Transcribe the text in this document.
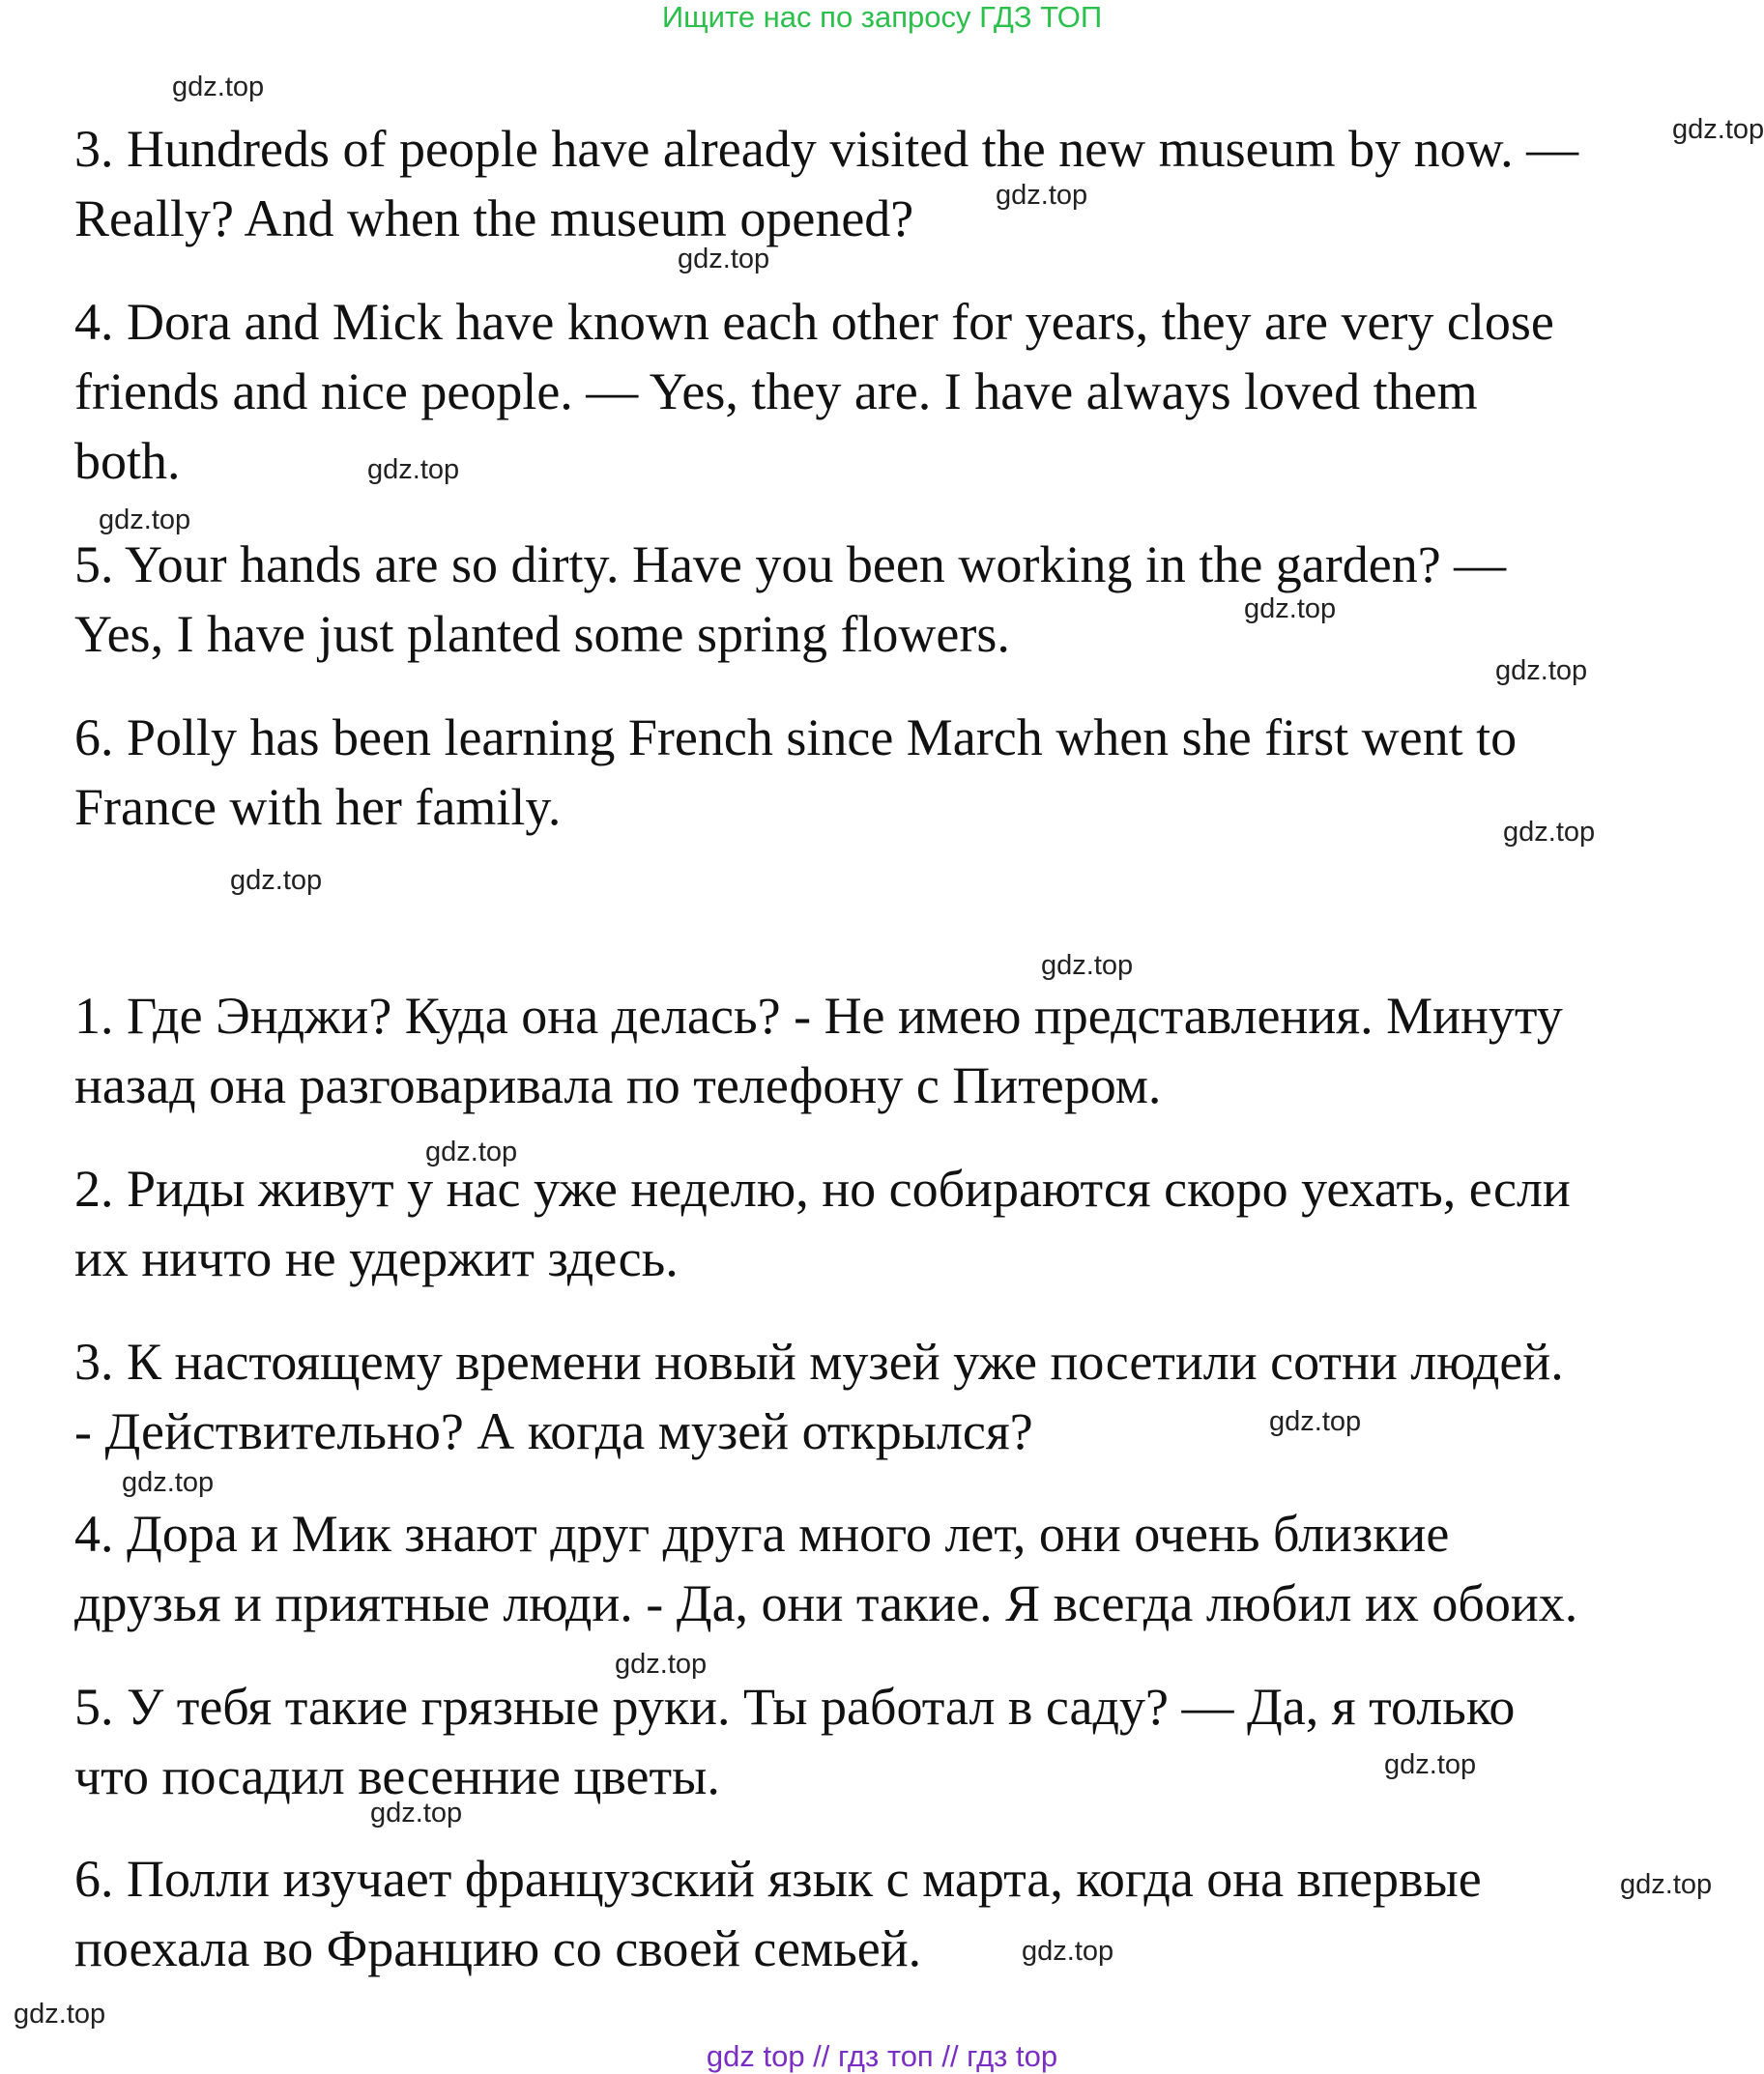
Ищите нас по запросу ГДЗ ТОП
3. Hundreds of people have already visited the new museum by now. —
Really? And when the museum opened?
4. Dora and Mick have known each other for years, they are very close
friends and nice people. — Yes, they are. I have always loved them
both.
5. Your hands are so dirty. Have you been working in the garden? —
Yes, I have just planted some spring flowers.
6. Polly has been learning French since March when she first went to
France with her family.
1. Где Энджи? Куда она делась? - Не имею представления. Минуту
назад она разговаривала по телефону с Питером.
2. Риды живут у нас уже неделю, но собираются скоро уехать, если
их ничто не удержит здесь.
3. К настоящему времени новый музей уже посетили сотни людей.
- Действительно? А когда музей открылся?
4. Дора и Мик знают друг друга много лет, они очень близкие
друзья и приятные люди. - Да, они такие. Я всегда любил их обоих.
5. У тебя такие грязные руки. Ты работал в саду? — Да, я только
что посадил весенние цветы.
6. Полли изучает французский язык с марта, когда она впервые
поехала во Францию со своей семьей.
gdz.top
gdz.top
gdz.top
gdz.top
gdz.top
gdz.top
gdz.top
gdz.top
gdz.top
gdz.top
gdz.top
gdz.top
gdz.top
gdz.top
gdz.top
gdz.top
gdz.top
gdz.top
gdz.top
gdz.top
gdz top // гдз топ // гдз top
